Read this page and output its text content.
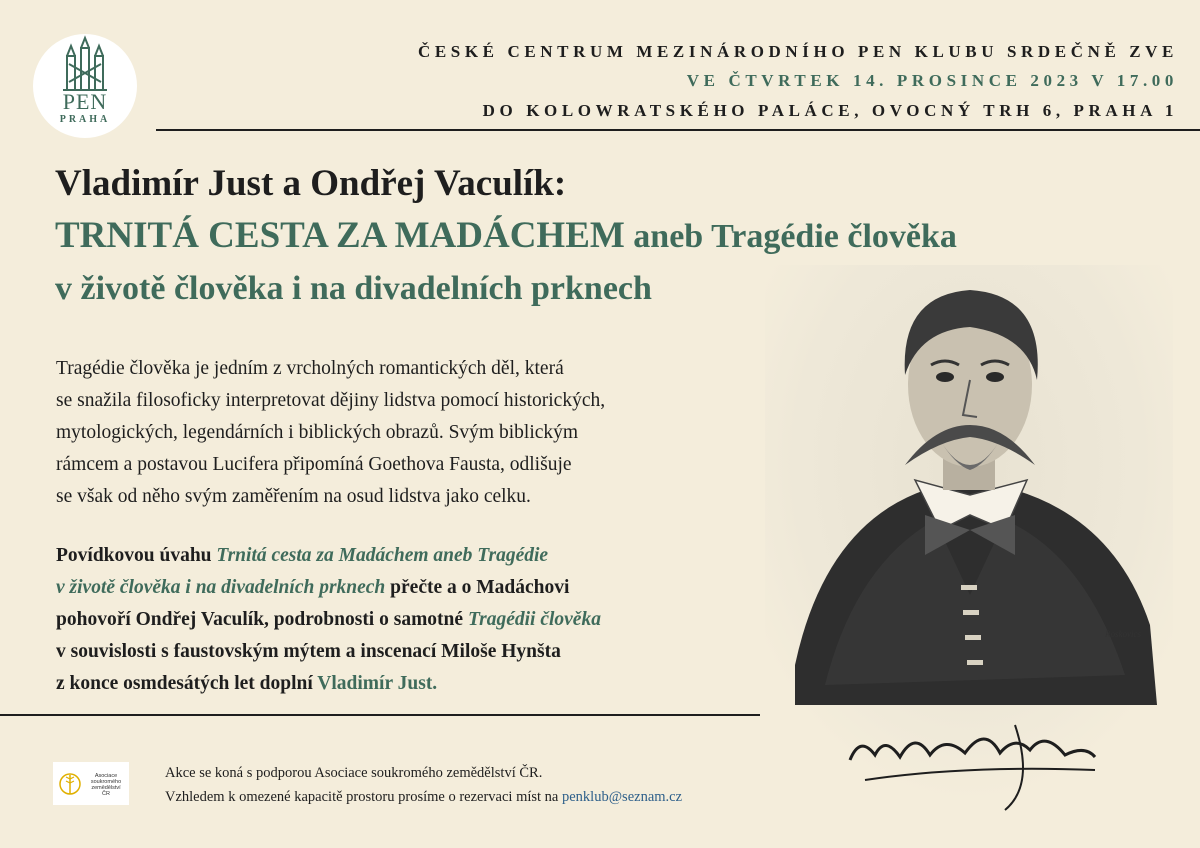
PEN
PRAHA
ČESKÉ CENTRUM MEZINÁRODNÍHO PEN KLUBU SRDEČNĚ ZVE
VE ČTVRTEK 14. PROSINCE 2023 V 17.00
DO KOLOWRATSKÉHO PALÁCE, OVOCNÝ TRH 6, PRAHA 1
Vladimír Just a Ondřej Vaculík:
TRNITÁ CESTA ZA MADÁCHEM aneb Tragédie člověka
v životě člověka i na divadelních prknech
Tragédie člověka je jedním z vrcholných romantických děl, která
se snažila filosoficky interpretovat dějiny lidstva pomocí historických,
mytologických, legendárních i biblických obrazů. Svým biblickým
rámcem a postavou Lucifera připomíná Goethova Fausta, odlišuje
se však od něho svým zaměřením na osud lidstva jako celku.
Povídkovou úvahu Trnitá cesta za Madáchem aneb Tragédie
v životě člověka i na divadelních prknech přečte a o Madáchovi
pohovoří Ondřej Vaculík, podrobnosti o samotné Tragédii člověka
v souvislosti s faustovským mýtem a inscenací Miloše Hynšta
z konce osmdesátých let doplní Vladimír Just.
Roskovics
Asociace soukromého zemědělství ČR
Akce se koná s podporou Asociace soukromého zemědělství ČR.
Vzhledem k omezené kapacitě prostoru prosíme o rezervaci míst na penklub@seznam.cz
